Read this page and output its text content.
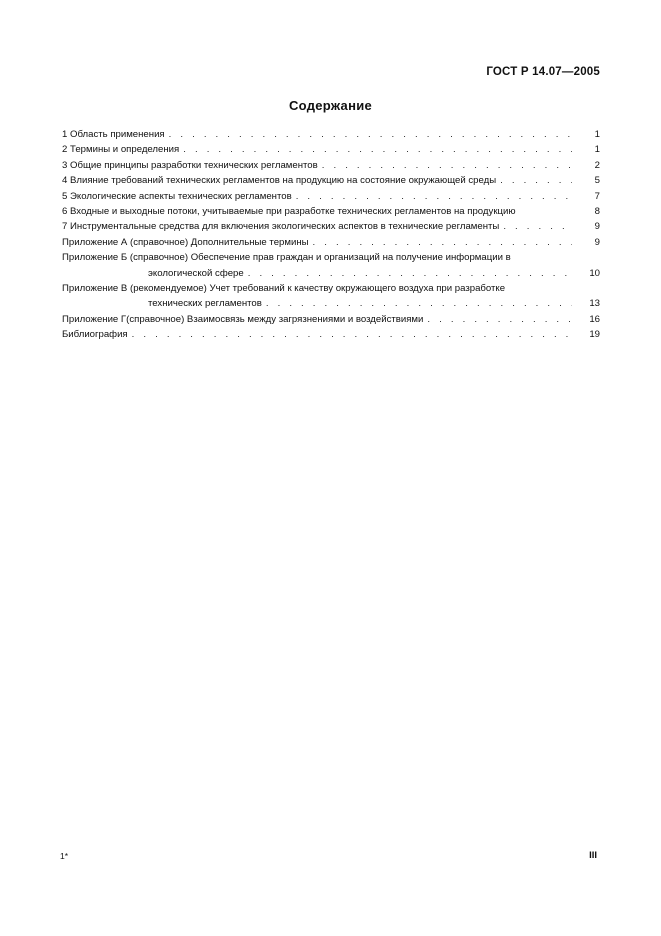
ГОСТ Р 14.07—2005
Содержание
1 Область применения . . .	1
2 Термины и определения . . .	1
3 Общие принципы разработки технических регламентов . . .	2
4 Влияние требований технических регламентов на продукцию на состояние окружающей среды . . .	5
5 Экологические аспекты технических регламентов . . .	7
6 Входные и выходные потоки, учитываемые при разработке технических регламентов на продукцию	8
7 Инструментальные средства для включения экологических аспектов в технические регламенты . . .	9
Приложение А (справочное) Дополнительные термины . . .	9
Приложение Б (справочное) Обеспечение прав граждан и организаций на получение информации в
экологической сфере . . .	10
Приложение В (рекомендуемое) Учет требований к качеству окружающего воздуха при разработке
технических регламентов . . .	13
Приложение Г(справочное) Взаимосвязь между загрязнениями и воздействиями . . .	16
Библиография . . .	19
1*	III
